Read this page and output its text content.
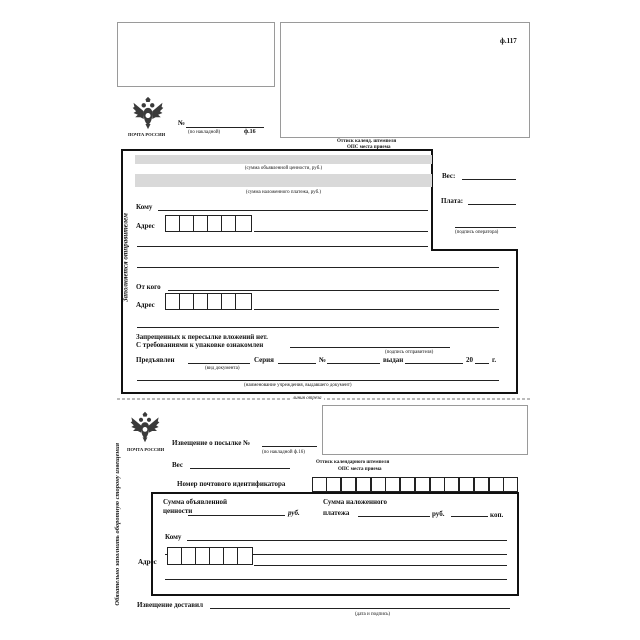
ф.117
ПОЧТА РОССИИ
№
(по накладной)	ф.16
Оттиск календ. штемпеля
ОПС места приема
Заполняется отправителем
(сумма объявленной ценности, руб.)
(сумма наложенного платежа, руб.)
Вес:
Плата:
(подпись оператора)
Кому
Адрес
От кого
Адрес
Запрещенных к пересылке вложений нет.
С требованиями к упаковке ознакомлен
(подпись отправителя)
Предъявлен
(вид документа)
Серия	№	выдан	20	г.
(наименование учреждения, выдавшего документ)
линия отреза
Обязательно заполнить оборотную сторону извещения ПОЧТА РОССИИ
Извещение о посылке №
(по накладной ф.16)
Вес	Оттиск календарного штемпеля
ОПС места приема
Номер почтового идентификатора
Сумма объявленной
ценности	руб.
Сумма наложенного
платежа	руб.	коп.
Кому
Адрес
Извещение доставил
(дата и подпись)
